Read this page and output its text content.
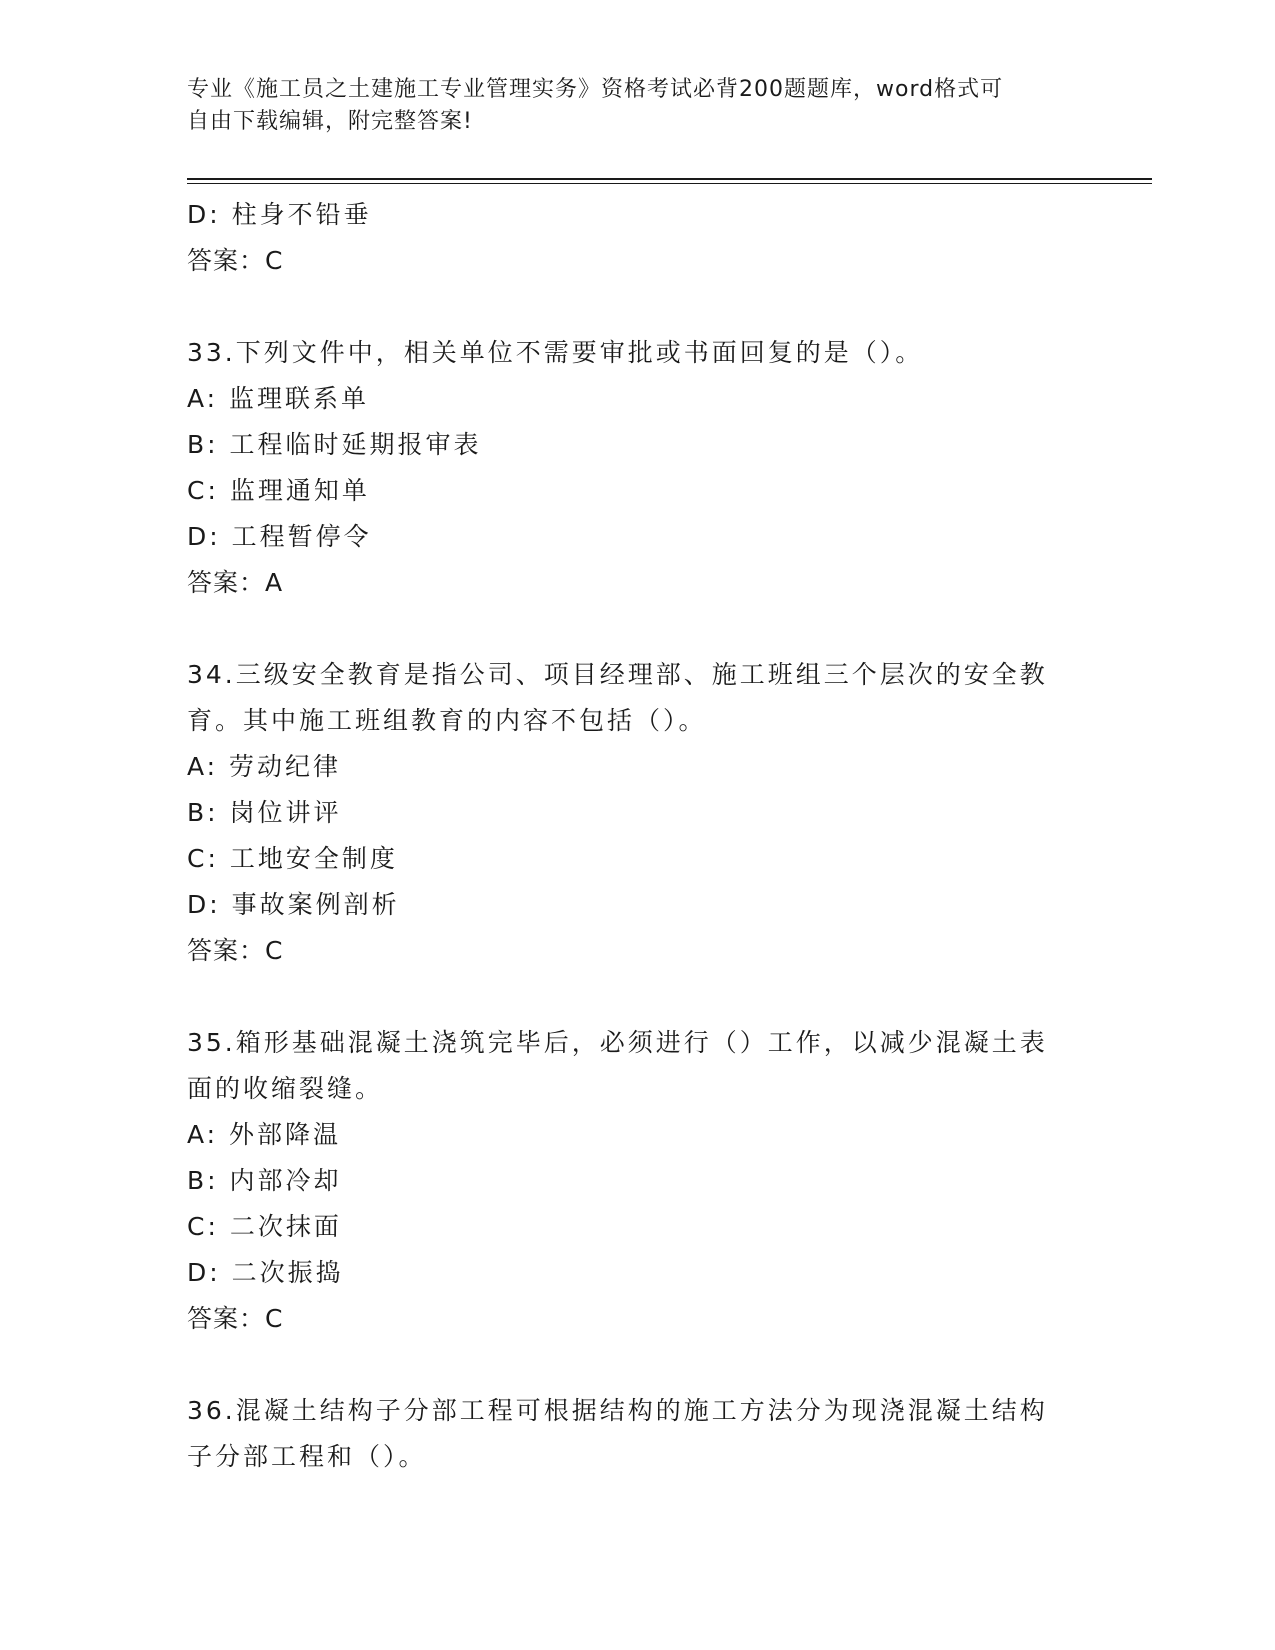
专业《施工员之土建施工专业管理实务》资格考试必背200题题库，word格式可
自由下载编辑，附完整答案!
D: 柱身不铅垂
答案：C
33.下列文件中，相关单位不需要审批或书面回复的是（）。
A: 监理联系单
B: 工程临时延期报审表
C: 监理通知单
D: 工程暂停令
答案：A
34.三级安全教育是指公司、项目经理部、施工班组三个层次的安全教
育。其中施工班组教育的内容不包括（）。
A: 劳动纪律
B: 岗位讲评
C: 工地安全制度
D: 事故案例剖析
答案：C
35.箱形基础混凝土浇筑完毕后，必须进行（）工作，以减少混凝土表
面的收缩裂缝。
A: 外部降温
B: 内部冷却
C: 二次抹面
D: 二次振捣
答案：C
36.混凝土结构子分部工程可根据结构的施工方法分为现浇混凝土结构
子分部工程和（）。
